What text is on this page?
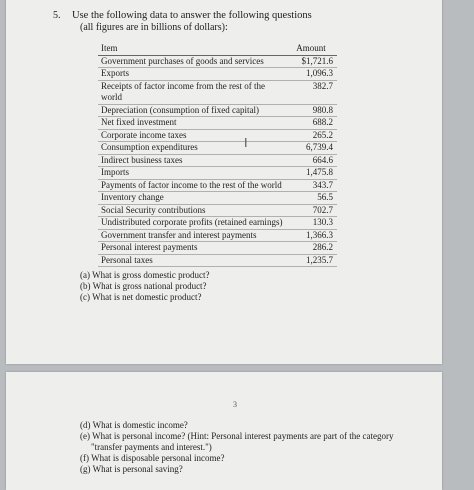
5. Use the following data to answer the following questions
(all figures are in billions of dollars):
Item	Amount
Government purchases of goods and services	$1,721.6
Exports	1,096.3
Receipts of factor income from the rest of the world	382.7
Depreciation (consumption of fixed capital)	980.8
Net fixed investment	688.2
Corporate income taxes	265.2
Consumption expenditures	6,739.4
Indirect business taxes	664.6
Imports	1,475.8
Payments of factor income to the rest of the world	343.7
Inventory change	56.5
Social Security contributions	702.7
Undistributed corporate profits (retained earnings)	130.3
Government transfer and interest payments	1,366.3
Personal interest payments	286.2
Personal taxes	1,235.7
I
(a) What is gross domestic product?
(b) What is gross national product?
(c) What is net domestic product?
3
(d) What is domestic income?
(e) What is personal income? (Hint: Personal interest payments are part of the category
"transfer payments and interest.")
(f) What is disposable personal income?
(g) What is personal saving?
